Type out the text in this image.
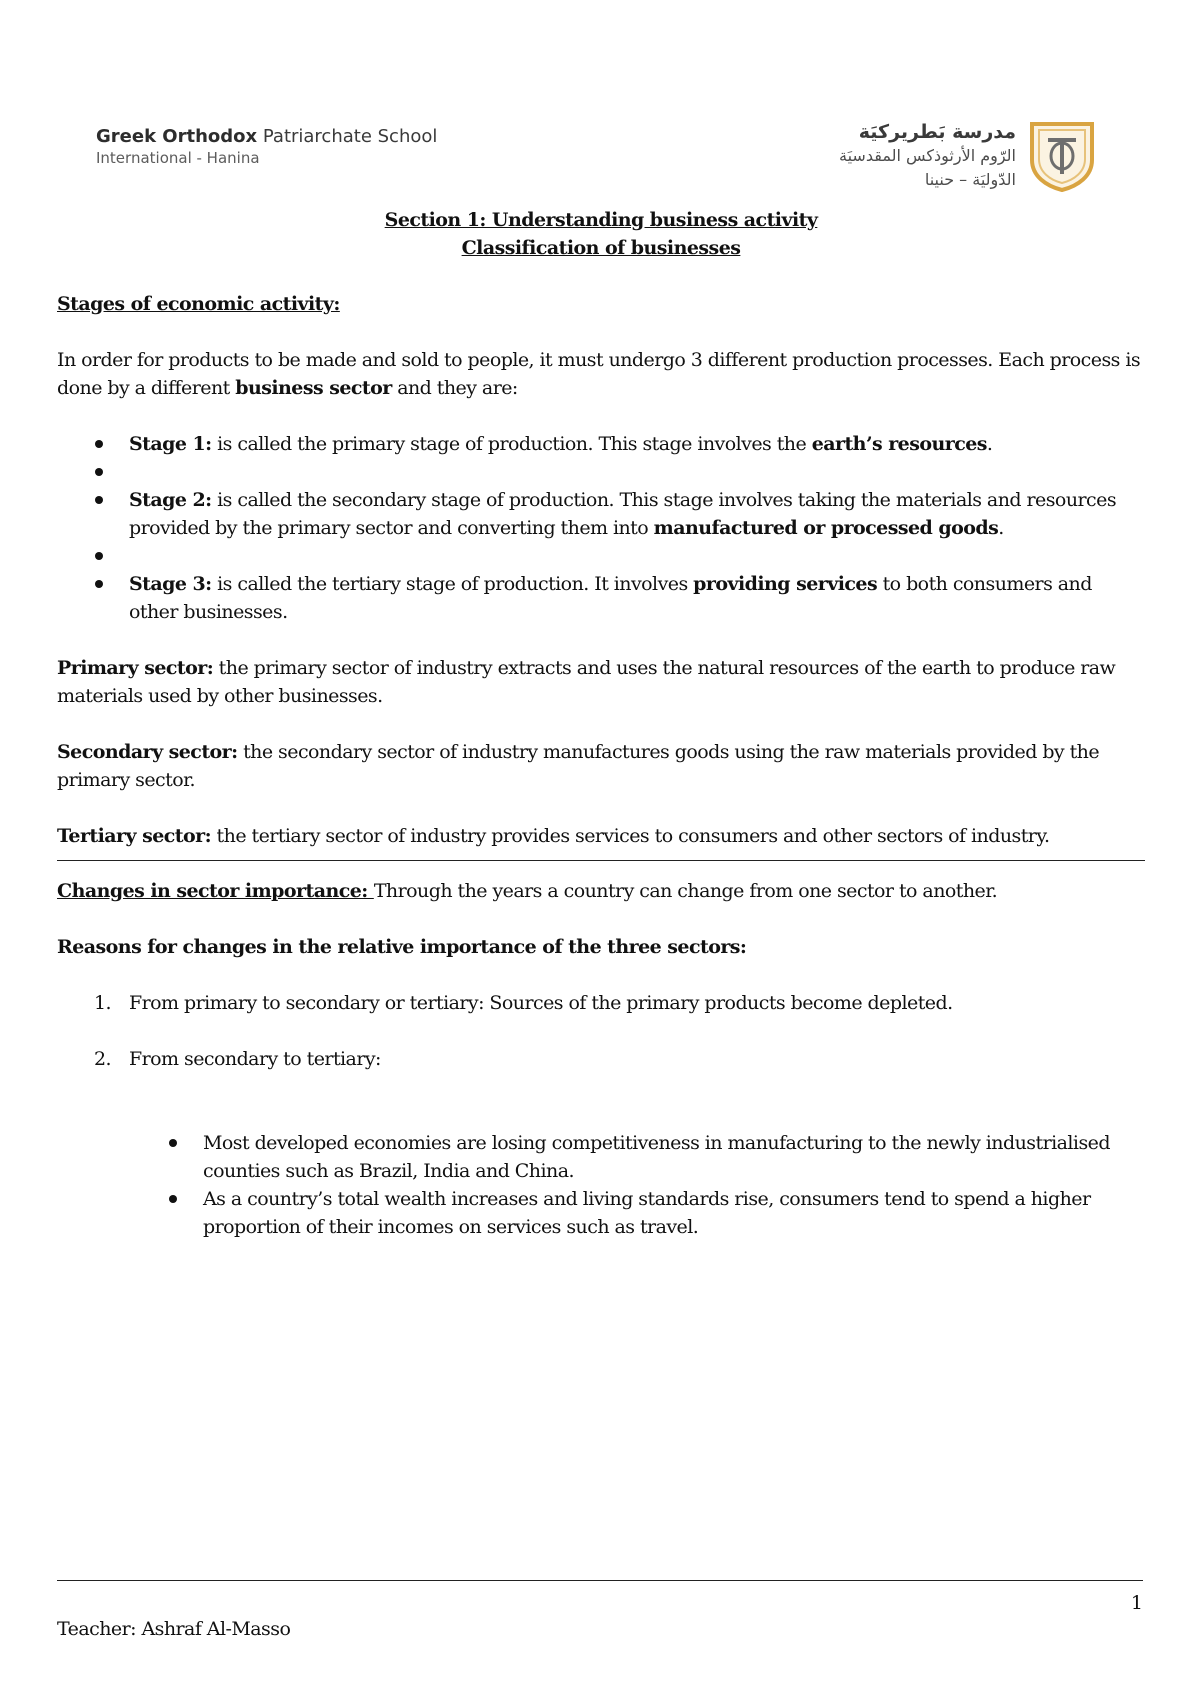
Greek Orthodox Patriarchate School
International - Hanina
مدرسة بَطريركيَة
الرّوم الأرثوذكس المقدسيَة
الدّوليَة – حنينا

Section 1: Understanding business activity

Classification of businesses

Stages of economic activity:

In order for products to be made and sold to people, it must undergo 3 different production processes. Each process is done by a different business sector and they are:

Stage 1: is called the primary stage of production. This stage involves the earth’s resources.
Stage 2: is called the secondary stage of production. This stage involves taking the materials and resources provided by the primary sector and converting them into manufactured or processed goods.
Stage 3: is called the tertiary stage of production. It involves providing services to both consumers and other businesses.

Primary sector: the primary sector of industry extracts and uses the natural resources of the earth to produce raw materials used by other businesses.

Secondary sector: the secondary sector of industry manufactures goods using the raw materials provided by the primary sector.

Tertiary sector: the tertiary sector of industry provides services to consumers and other sectors of industry.

Changes in sector importance: Through the years a country can change from one sector to another.

Reasons for changes in the relative importance of the three sectors:

1. From primary to secondary or tertiary: Sources of the primary products become depleted.
2. From secondary to tertiary:
Most developed economies are losing competitiveness in manufacturing to the newly industrialised counties such as Brazil, India and China.
As a country’s total wealth increases and living standards rise, consumers tend to spend a higher proportion of their incomes on services such as travel.
1
Teacher: Ashraf Al-Masso
